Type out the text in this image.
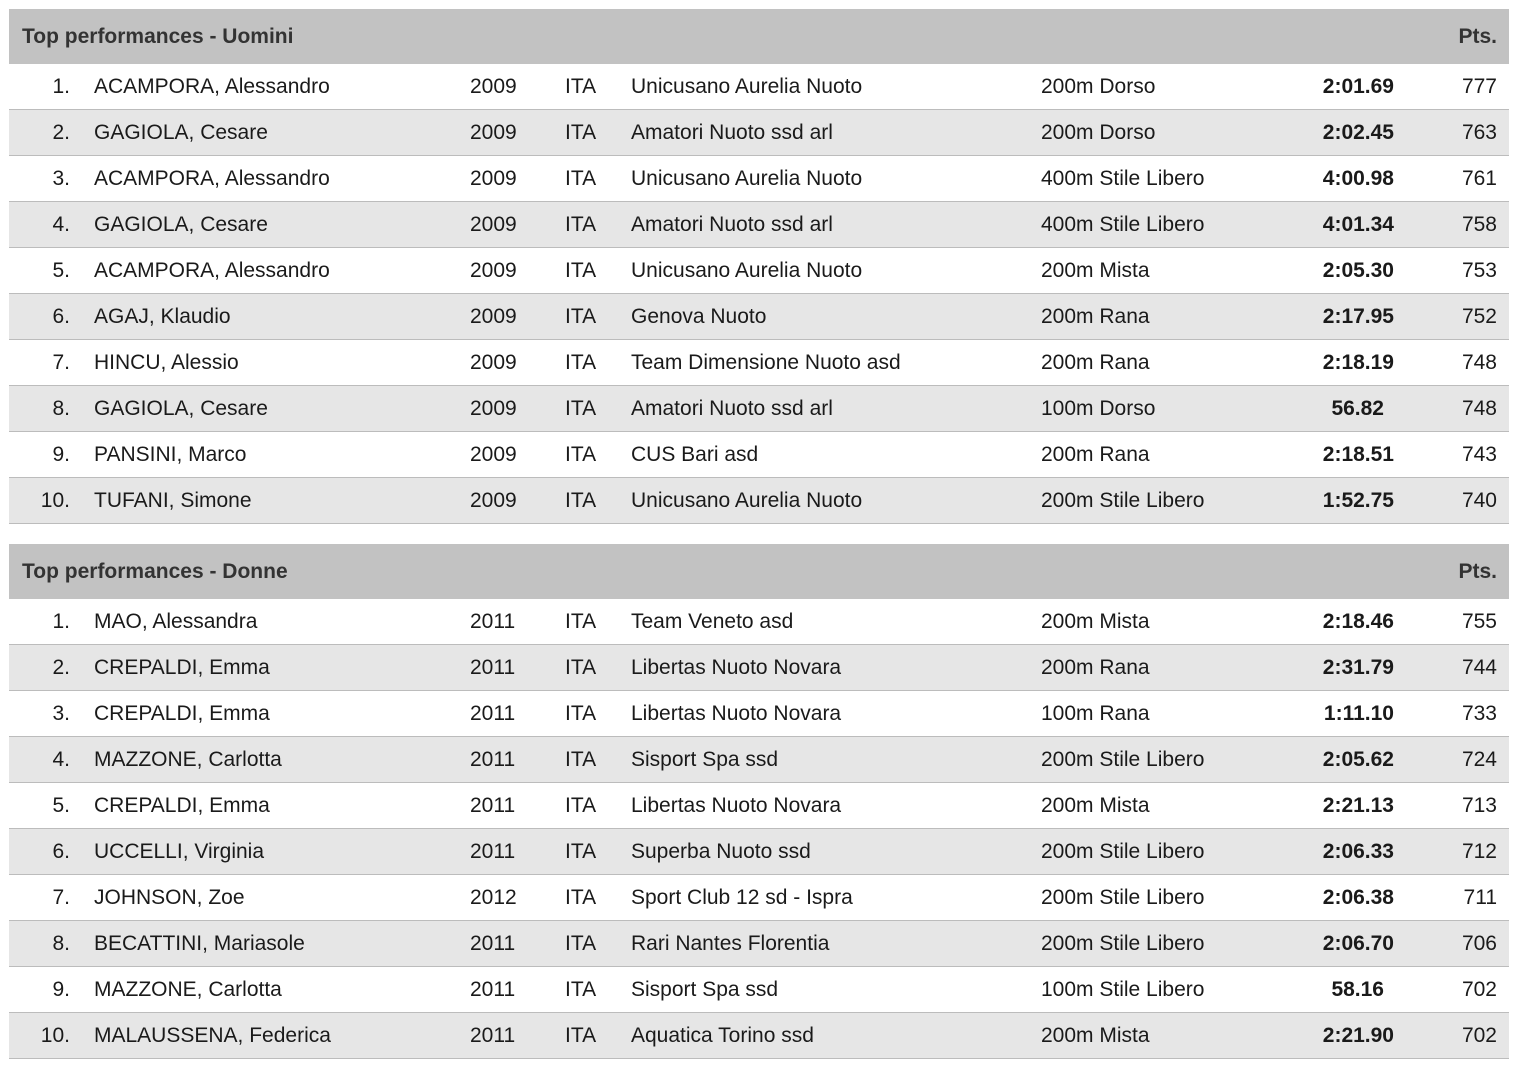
Top performances - Uomini	Pts.
1. ACAMPORA, Alessandro	2009 ITA Unicusano Aurelia Nuoto	200m Dorso	2:01.69	777
2. GAGIOLA, Cesare	2009 ITA Amatori Nuoto ssd arl	200m Dorso	2:02.45	763
3. ACAMPORA, Alessandro	2009 ITA Unicusano Aurelia Nuoto	400m Stile Libero	4:00.98	761
4. GAGIOLA, Cesare	2009 ITA Amatori Nuoto ssd arl	400m Stile Libero	4:01.34	758
5. ACAMPORA, Alessandro	2009 ITA Unicusano Aurelia Nuoto	200m Mista	2:05.30	753
6. AGAJ, Klaudio	2009 ITA Genova Nuoto	200m Rana	2:17.95	752
7. HINCU, Alessio	2009 ITA Team Dimensione Nuoto asd	200m Rana	2:18.19	748
8. GAGIOLA, Cesare	2009 ITA Amatori Nuoto ssd arl	100m Dorso	56.82	748
9. PANSINI, Marco	2009 ITA CUS Bari asd	200m Rana	2:18.51	743
10. TUFANI, Simone	2009 ITA Unicusano Aurelia Nuoto	200m Stile Libero	1:52.75	740
Top performances - Donne	Pts.
1. MAO, Alessandra	2011 ITA Team Veneto asd	200m Mista	2:18.46	755
2. CREPALDI, Emma	2011 ITA Libertas Nuoto Novara	200m Rana	2:31.79	744
3. CREPALDI, Emma	2011 ITA Libertas Nuoto Novara	100m Rana	1:11.10	733
4. MAZZONE, Carlotta	2011 ITA Sisport Spa ssd	200m Stile Libero	2:05.62	724
5. CREPALDI, Emma	2011 ITA Libertas Nuoto Novara	200m Mista	2:21.13	713
6. UCCELLI, Virginia	2011 ITA Superba Nuoto ssd	200m Stile Libero	2:06.33	712
7. JOHNSON, Zoe	2012 ITA Sport Club 12 sd - Ispra	200m Stile Libero	2:06.38	711
8. BECATTINI, Mariasole	2011 ITA Rari Nantes Florentia	200m Stile Libero	2:06.70	706
9. MAZZONE, Carlotta	2011 ITA Sisport Spa ssd	100m Stile Libero	58.16	702
10. MALAUSSENA, Federica	2011 ITA Aquatica Torino ssd	200m Mista	2:21.90	702
